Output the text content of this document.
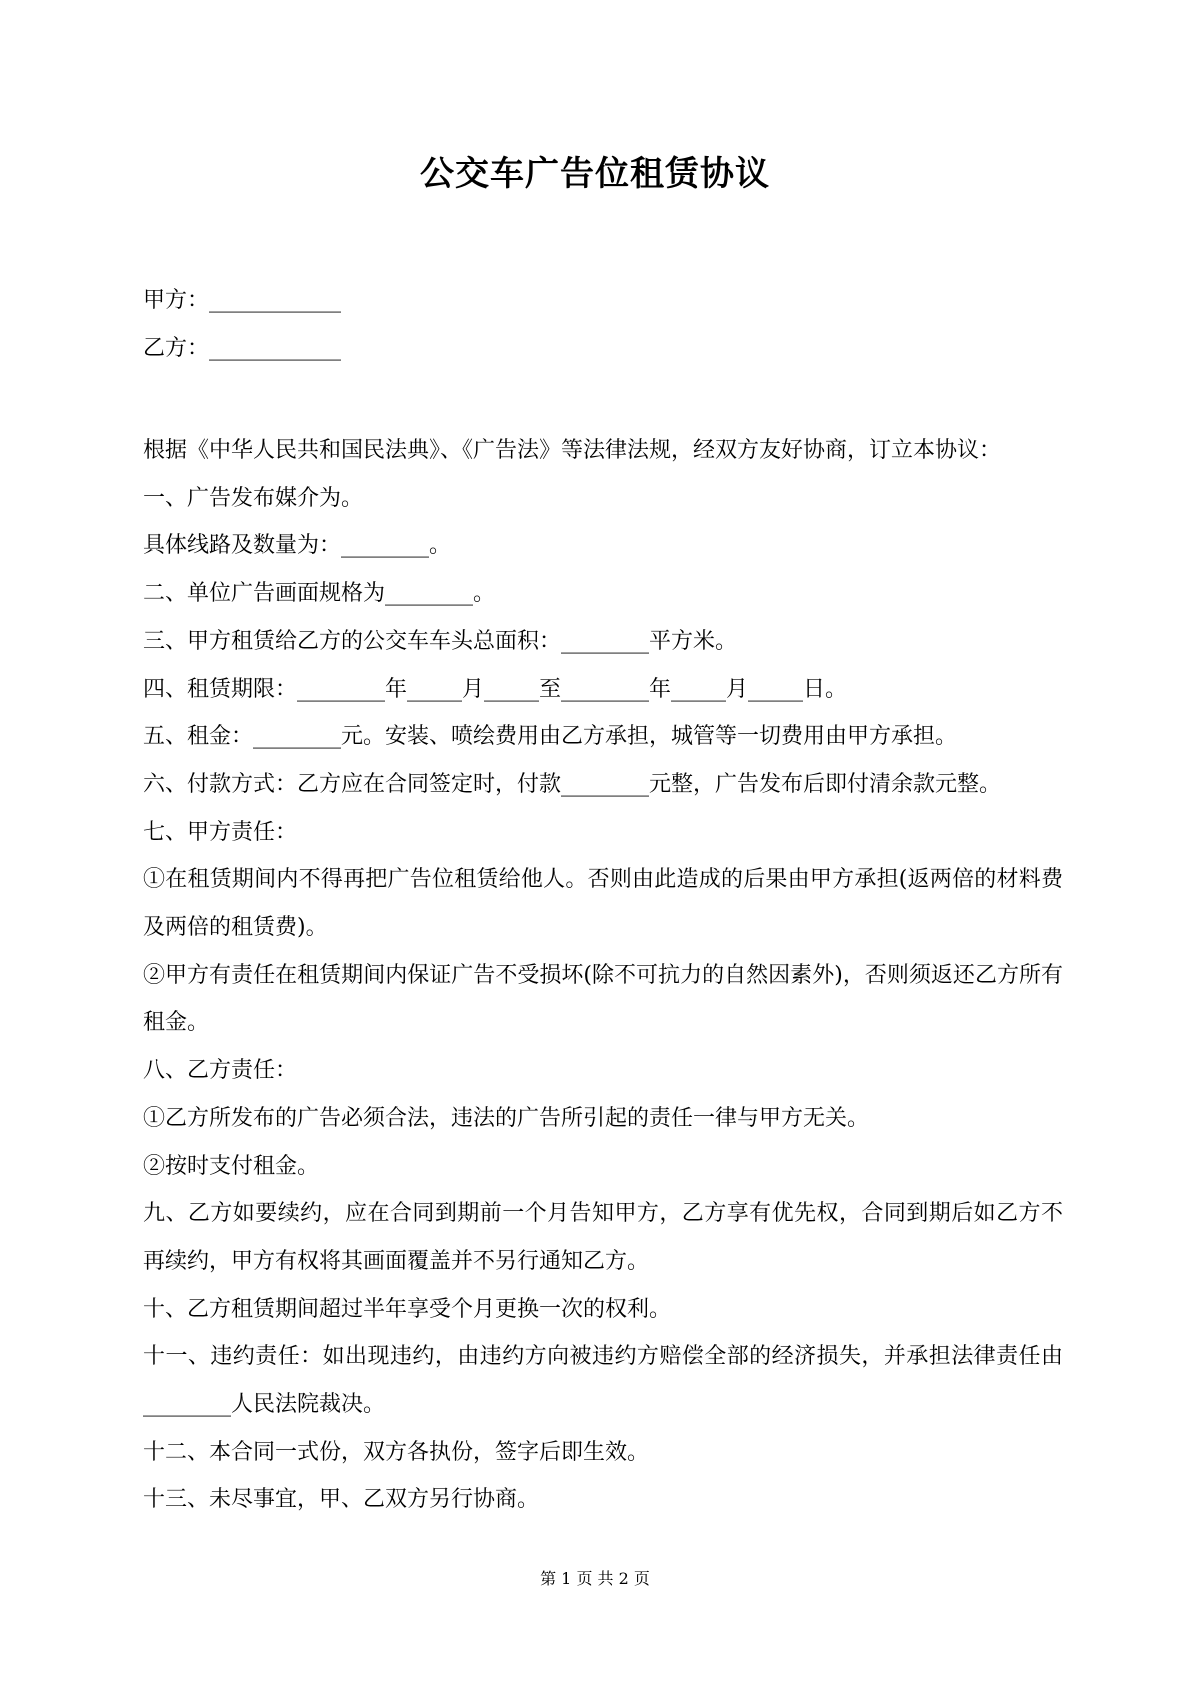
公交车广告位租赁协议
甲方：____________
乙方：____________

根据《中华人民共和国民法典》、《广告法》等法律法规，经双方友好协商，订立本协议：

一、广告发布媒介为。

具体线路及数量为：________。

二、单位广告画面规格为________。

三、甲方租赁给乙方的公交车车头总面积：________平方米。

四、租赁期限：________年_____月_____至________年_____月_____日。

五、租金：________元。安装、喷绘费用由乙方承担，城管等一切费用由甲方承担。

六、付款方式：乙方应在合同签定时，付款________元整，广告发布后即付清余款元整。

七、甲方责任：

①在租赁期间内不得再把广告位租赁给他人。否则由此造成的后果由甲方承担(返两倍的材料费及两倍的租赁费)。

②甲方有责任在租赁期间内保证广告不受损坏(除不可抗力的自然因素外)，否则须返还乙方所有租金。

八、乙方责任：

①乙方所发布的广告必须合法，违法的广告所引起的责任一律与甲方无关。

②按时支付租金。

九、乙方如要续约，应在合同到期前一个月告知甲方，乙方享有优先权，合同到期后如乙方不再续约，甲方有权将其画面覆盖并不另行通知乙方。

十、乙方租赁期间超过半年享受个月更换一次的权利。

十一、违约责任：如出现违约，由违约方向被违约方赔偿全部的经济损失，并承担法律责任由________人民法院裁决。

十二、本合同一式份，双方各执份，签字后即生效。

十三、未尽事宜，甲、乙双方另行协商。

第 1 页 共 2 页
